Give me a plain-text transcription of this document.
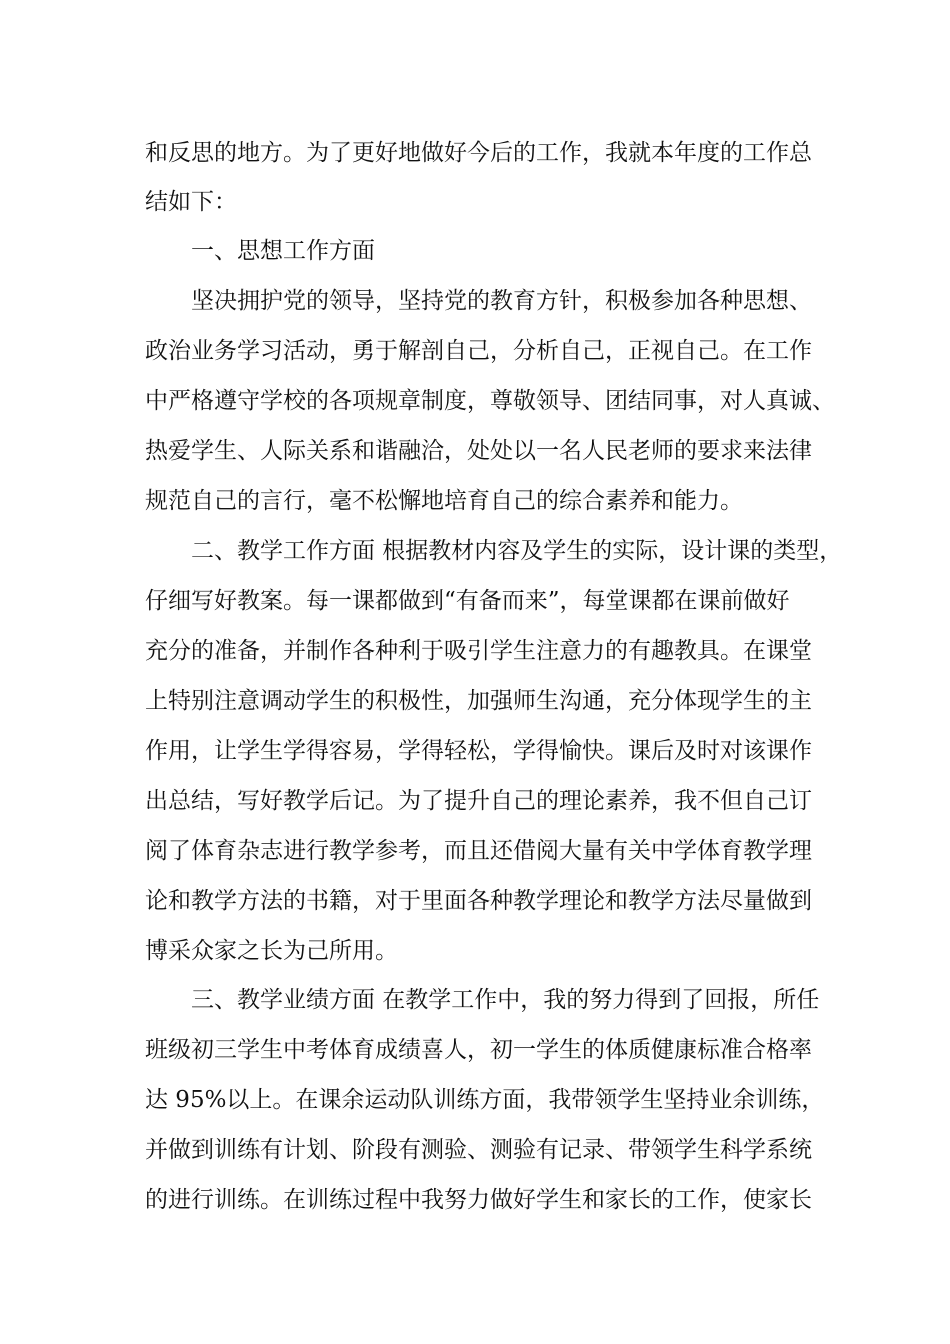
和反思的地方。为了更好地做好今后的工作，我就本年度的工作总
结如下：
一、思想工作方面
坚决拥护党的领导，坚持党的教育方针，积极参加各种思想、
政治业务学习活动，勇于解剖自己，分析自己，正视自己。在工作
中严格遵守学校的各项规章制度，尊敬领导、团结同事，对人真诚、
热爱学生、人际关系和谐融洽，处处以一名人民老师的要求来法律
规范自己的言行，毫不松懈地培育自己的综合素养和能力。
二、教学工作方面 根据教材内容及学生的实际，设计课的类型，
仔细写好教案。每一课都做到“有备而来”，每堂课都在课前做好
充分的准备，并制作各种利于吸引学生注意力的有趣教具。在课堂
上特别注意调动学生的积极性，加强师生沟通，充分体现学生的主
作用，让学生学得容易，学得轻松，学得愉快。课后及时对该课作
出总结，写好教学后记。为了提升自己的理论素养，我不但自己订
阅了体育杂志进行教学参考，而且还借阅大量有关中学体育教学理
论和教学方法的书籍，对于里面各种教学理论和教学方法尽量做到
博采众家之长为己所用。
三、教学业绩方面 在教学工作中，我的努力得到了回报，所任
班级初三学生中考体育成绩喜人，初一学生的体质健康标准合格率
达 95%以上。在课余运动队训练方面，我带领学生坚持业余训练，
并做到训练有计划、阶段有测验、测验有记录、带领学生科学系统
的进行训练。在训练过程中我努力做好学生和家长的工作，使家长
